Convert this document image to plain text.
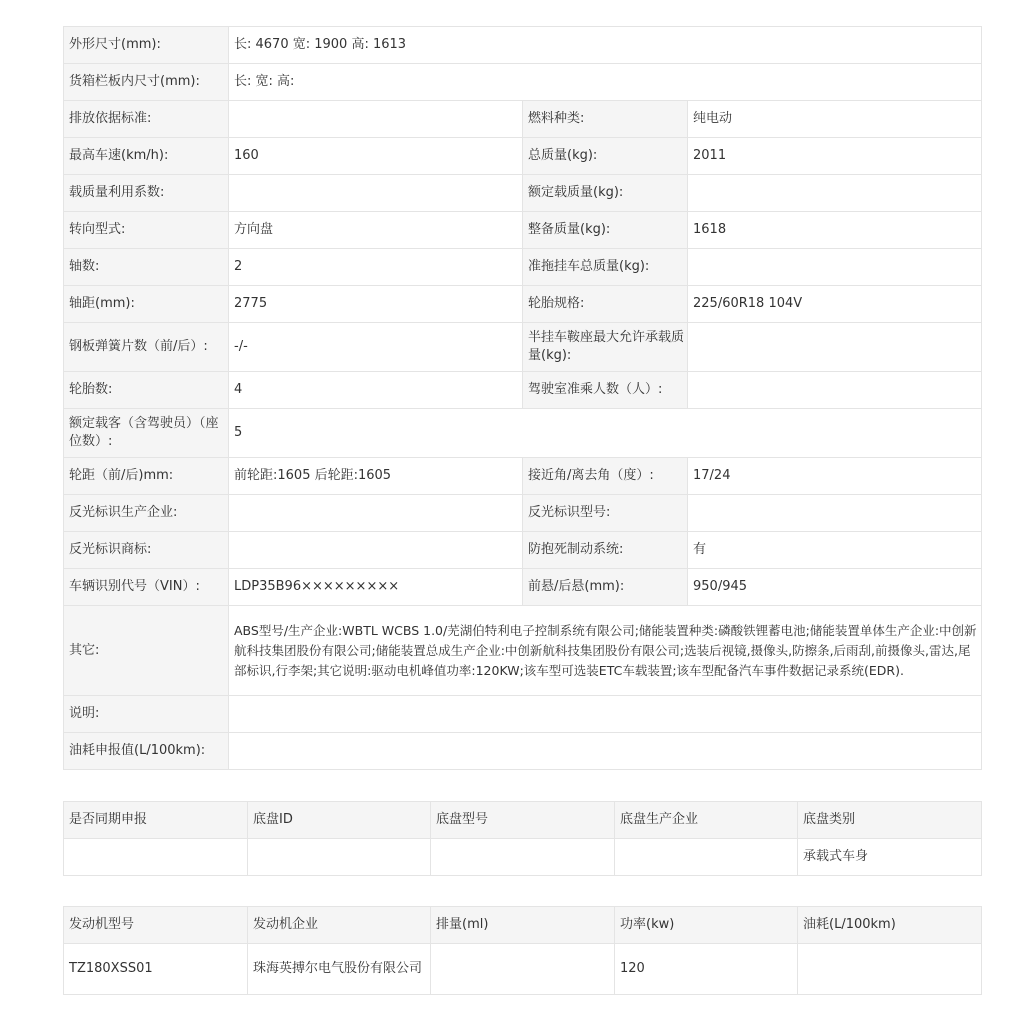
外形尺寸(mm):	长: 4670 宽: 1900 高: 1613		
货箱栏板内尺寸(mm):	长: 宽: 高:		
排放依据标准:		燃料种类:	纯电动
最高车速(km/h):	160	总质量(kg):	2011
载质量利用系数:		额定载质量(kg):	
转向型式:	方向盘	整备质量(kg):	1618
轴数:	2	准拖挂车总质量(kg):	
轴距(mm):	2775	轮胎规格:	225/60R18 104V
钢板弹簧片数（前/后）:	-/-	半挂车鞍座最大允许承载质量(kg):	
轮胎数:	4	驾驶室准乘人数（人）:	
额定载客（含驾驶员）（座位数）:	5		
轮距（前/后)mm:	前轮距:1605 后轮距:1605	接近角/离去角（度）:	17/24
反光标识生产企业:		反光标识型号:	
反光标识商标:		防抱死制动系统:	有
车辆识别代号（VIN）:	LDP35B96×××××××××	前悬/后悬(mm):	950/945
其它:	ABS型号/生产企业:WBTL WCBS 1.0/芜湖伯特利电子控制系统有限公司;储能装置种类:磷酸铁锂蓄电池;储能装置单体生产企业:中创新航科技集团股份有限公司;储能装置总成生产企业:中创新航科技集团股份有限公司;选装后视镜,摄像头,防擦条,后雨刮,前摄像头,雷达,尾部标识,行李架;其它说明:驱动电机峰值功率:120KW;该车型可选装ETC车载装置;该车型配备汽车事件数据记录系统(EDR).		
说明:			
油耗申报值(L/100km):			
是否同期申报	底盘ID	底盘型号	底盘生产企业	底盘类别
				承载式车身
发动机型号	发动机企业	排量(ml)	功率(kw)	油耗(L/100km)
TZ180XSS01	珠海英搏尔电气股份有限公司		120	
